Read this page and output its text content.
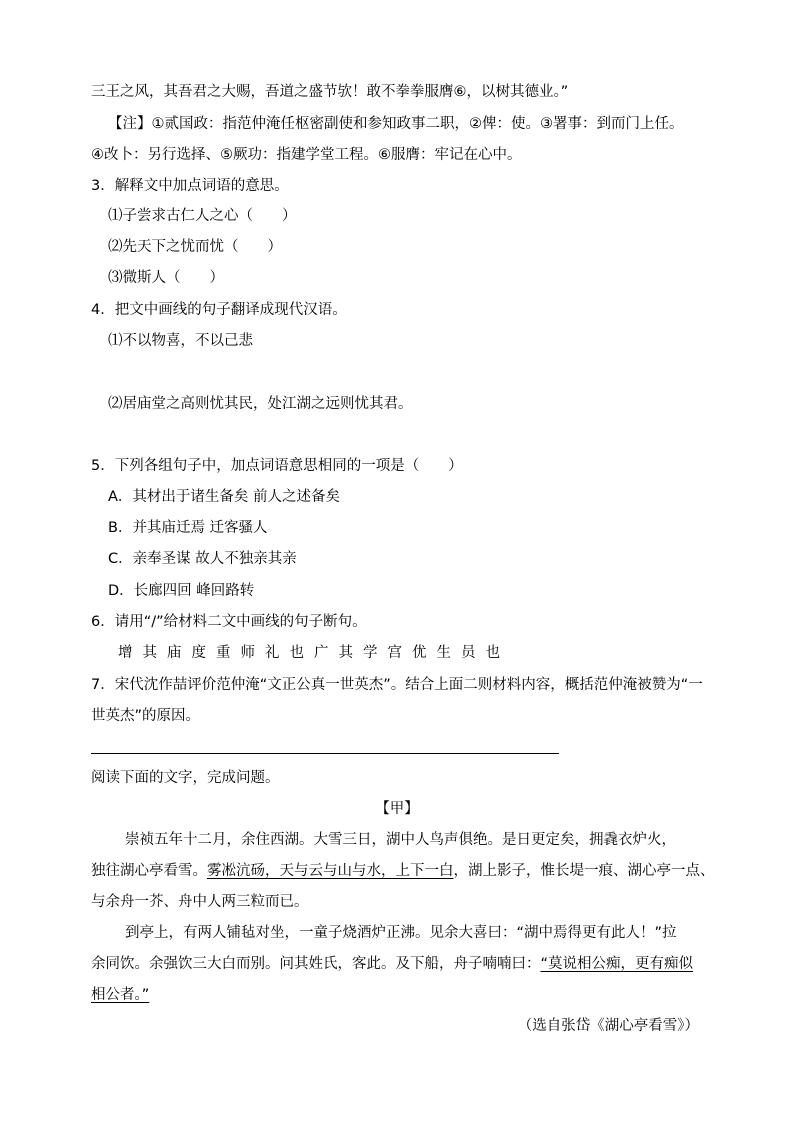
三王之风，其吾君之大赐，吾道之盛节欤！敢不拳拳服膺⑥，以树其德业。”
【注】①贰国政：指范仲淹任枢密副使和参知政事二职，②俾：使。③署事：到而门上任。
④改卜：另行选择、⑤厥功：指建学堂工程。⑥服膺：牢记在心中。
3．解释文中加点词语的意思。
⑴子尝求古仁人之心（　　）
⑵先天下之忧而忧（　　）
⑶微斯人（　　）
4．把文中画线的句子翻译成现代汉语。
⑴不以物喜，不以己悲
⑵居庙堂之高则忧其民，处江湖之远则忧其君。
5．下列各组句子中，加点词语意思相同的一项是（　　）
A．其材出于诸生备矣 前人之述备矣
B．并其庙迁焉 迁客骚人
C．亲奉圣谋 故人不独亲其亲
D．长廊四回 峰回路转
6．请用“/”给材料二文中画线的句子断句。
增其庙度重师礼也广其学宫优生员也
7．宋代沈作喆评价范仲淹“文正公真一世英杰”。结合上面二则材料内容，概括范仲淹被赞为“一
世英杰”的原因。
阅读下面的文字，完成问题。
【甲】
崇祯五年十二月，余住西湖。大雪三日，湖中人鸟声俱绝。是日更定矣，拥毳衣炉火，
独往湖心亭看雪。雾凇沆砀，天与云与山与水，上下一白，湖上影子，惟长堤一痕、湖心亭一点、
与余舟一芥、舟中人两三粒而已。
到亭上，有两人铺毡对坐，一童子烧酒炉正沸。见余大喜曰：“湖中焉得更有此人！”拉
余同饮。余强饮三大白而别。问其姓氏，客此。及下船，舟子喃喃曰：“莫说相公痴，更有痴似
相公者。”
（选自张岱《湖心亭看雪》）
